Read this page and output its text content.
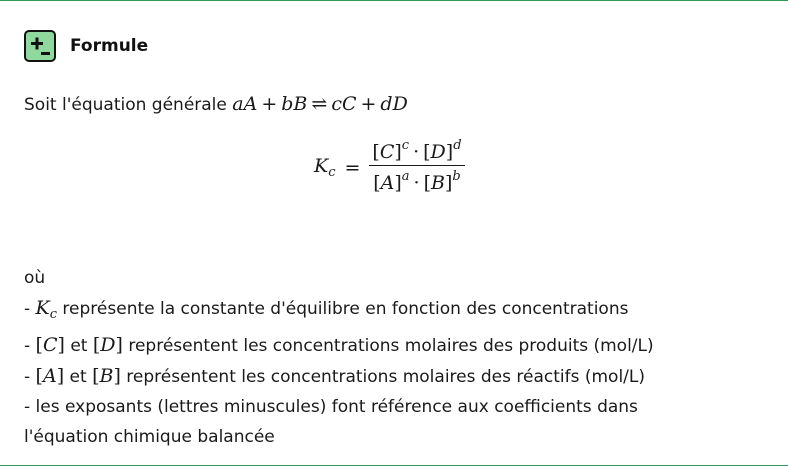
Formule
Soit l'équation générale aA + bB ⇌ cC + dD
$K_c = \frac{[C]^c \cdot [D]^d}{[A]^a \cdot [B]^b}$
où
- $K_c$ représente la constante d'équilibre en fonction des concentrations
- [C] et [D] représentent les concentrations molaires des produits (mol/L)
- [A] et [B] représentent les concentrations molaires des réactifs (mol/L)
- les exposants (lettres minuscules) font référence aux coefficients dans
l'équation chimique balancée
